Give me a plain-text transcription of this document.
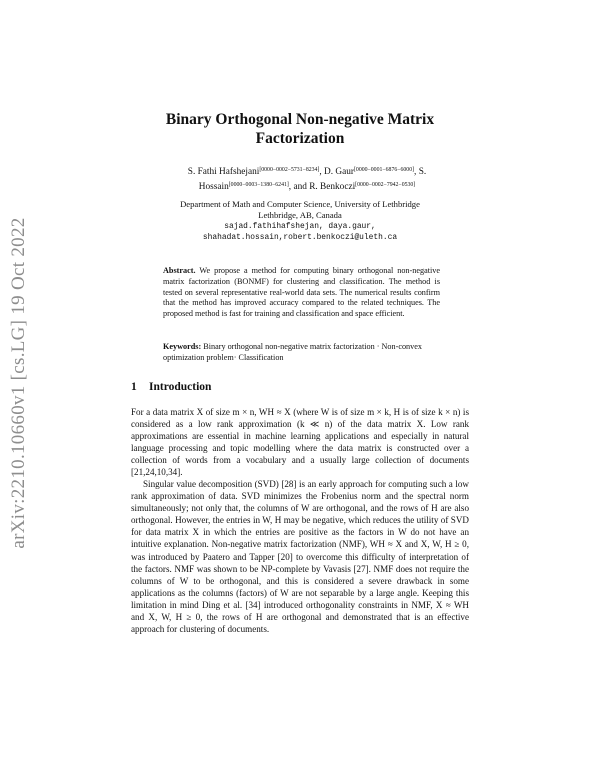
arXiv:2210.10660v1 [cs.LG] 19 Oct 2022
Binary Orthogonal Non-negative Matrix
Factorization
S. Fathi Hafshejani[0000−0002−5731−8234], D. Gaur[0000−0001−6876−6000], S. Hossain[0000−0003−1380−6241], and R. Benkoczi[0000−0002−7942−0530]
Department of Math and Computer Science, University of Lethbridge
Lethbridge, AB, Canada
sajad.fathihafshejan, daya.gaur,
shahadat.hossain,robert.benkoczi@uleth.ca
Abstract. We propose a method for computing binary orthogonal non-negative matrix factorization (BONMF) for clustering and classification. The method is tested on several representative real-world data sets. The numerical results confirm that the method has improved accuracy compared to the related techniques. The proposed method is fast for training and classification and space efficient.
Keywords: Binary orthogonal non-negative matrix factorization · Non-convex optimization problem· Classification
1 Introduction
For a data matrix X of size m × n, WH ≈ X (where W is of size m × k, H is of size k × n) is considered as a low rank approximation (k ≪ n) of the data matrix X. Low rank approximations are essential in machine learning applications and especially in natural language processing and topic modelling where the data matrix is constructed over a collection of words from a vocabulary and a usually large collection of documents [21,24,10,34].
Singular value decomposition (SVD) [28] is an early approach for computing such a low rank approximation of data. SVD minimizes the Frobenius norm and the spectral norm simultaneously; not only that, the columns of W are orthogonal, and the rows of H are also orthogonal. However, the entries in W, H may be negative, which reduces the utility of SVD for data matrix X in which the entries are positive as the factors in W do not have an intuitive explanation. Non-negative matrix factorization (NMF), WH ≈ X and X, W, H ≥ 0, was introduced by Paatero and Tapper [20] to overcome this difficulty of interpretation of the factors. NMF was shown to be NP-complete by Vavasis [27]. NMF does not require the columns of W to be orthogonal, and this is considered a severe drawback in some applications as the columns (factors) of W are not separable by a large angle. Keeping this limitation in mind Ding et al. [34] introduced orthogonality constraints in NMF, X ≈ WH and X, W, H ≥ 0, the rows of H are orthogonal and demonstrated that is an effective approach for clustering of documents.
